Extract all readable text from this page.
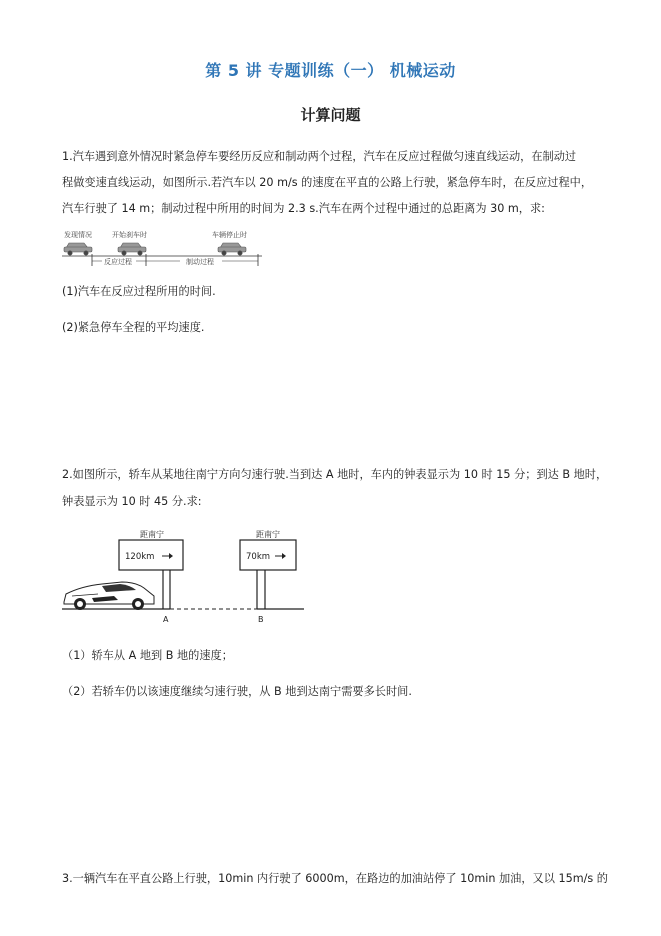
第 5 讲 专题训练（一） 机械运动
计算问题
1.汽车遇到意外情况时紧急停车要经历反应和制动两个过程，汽车在反应过程做匀速直线运动，在制动过
程做变速直线运动，如图所示.若汽车以 20 m/s 的速度在平直的公路上行驶，紧急停车时，在反应过程中，
汽车行驶了 14 m；制动过程中所用的时间为 2.3 s.汽车在两个过程中通过的总距离为 30 m，求:
发现情况	开始刹车时	车辆停止时
反应过程	制动过程
(1)汽车在反应过程所用的时间.
(2)紧急停车全程的平均速度.
2.如图所示，轿车从某地往南宁方向匀速行驶.当到达 A 地时，车内的钟表显示为 10 时 15 分；到达 B 地时，
钟表显示为 10 时 45 分.求:
距南宁
120km
距南宁
70km
A	B
（1）轿车从 A 地到 B 地的速度；
（2）若轿车仍以该速度继续匀速行驶，从 B 地到达南宁需要多长时间.
3.一辆汽车在平直公路上行驶，10min 内行驶了 6000m，在路边的加油站停了 10min 加油，又以 15m/s 的
